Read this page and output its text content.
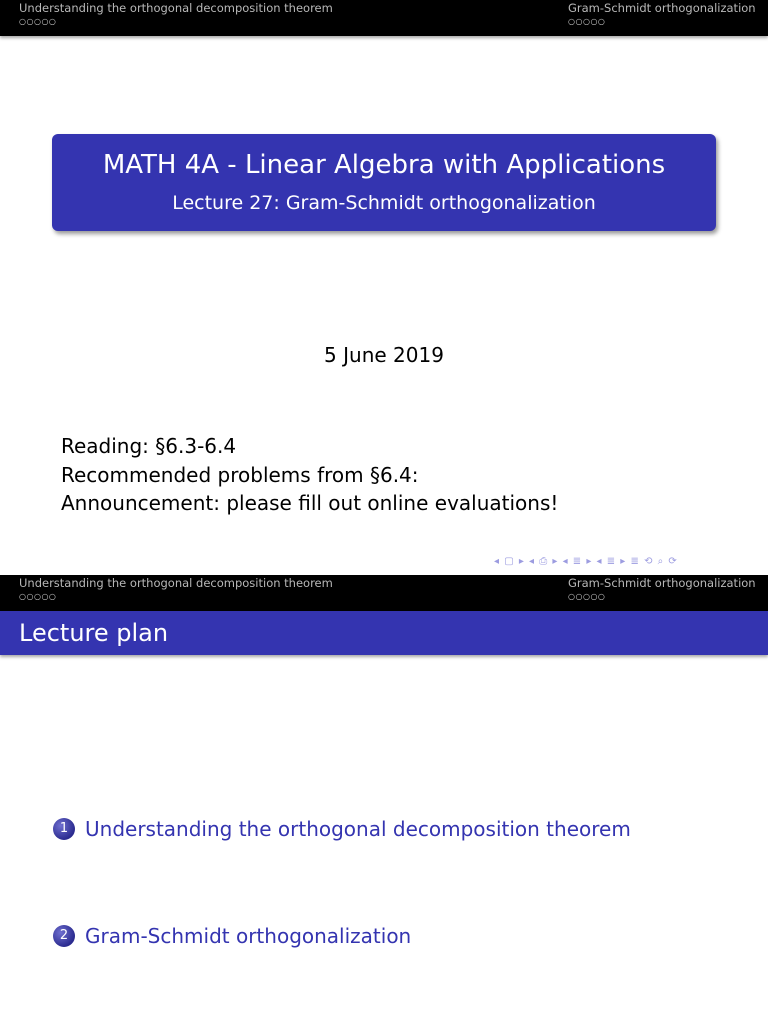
Understanding the orthogonal decomposition theorem
○○○○○
Gram-Schmidt orthogonalization
○○○○○
MATH 4A - Linear Algebra with Applications
Lecture 27: Gram-Schmidt orthogonalization
5 June 2019
Reading: §6.3-6.4
Recommended problems from §6.4:
Announcement: please fill out online evaluations!
◂ ▢ ▸ ◂ ⎙ ▸ ◂ ≣ ▸ ◂ ≣ ▸ ≣ ⟲ ⌕ ⟳
Understanding the orthogonal decomposition theorem
○○○○○
Gram-Schmidt orthogonalization
○○○○○
Lecture plan
1 Understanding the orthogonal decomposition theorem
2 Gram-Schmidt orthogonalization
